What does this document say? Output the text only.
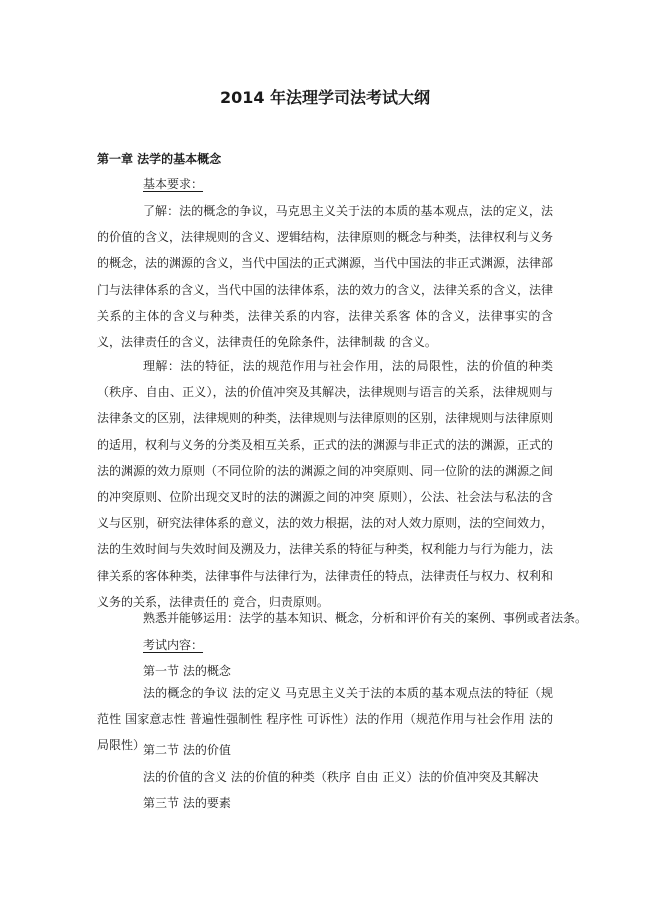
2014 年法理学司法考试大纲
第一章 法学的基本概念

基本要求：

了解：法的概念的争议，马克思主义关于法的本质的基本观点，法的定义，法的价值的含义，法律规则的含义、逻辑结构，法律原则的概念与种类，法律权利与义务的概念，法的渊源的含义，当代中国法的正式渊源，当代中国法的非正式渊源，法律部门与法律体系的含义，当代中国的法律体系，法的效力的含义，法律关系的含义，法律关系的主体的含义与种类，法律关系的内容，法律关系客 体的含义，法律事实的含义，法律责任的含义，法律责任的免除条件，法律制裁 的含义。

理解：法的特征，法的规范作用与社会作用，法的局限性，法的价值的种类 （秩序、自由、正义），法的价值冲突及其解决，法律规则与语言的关系，法律规则与法律条文的区别，法律规则的种类，法律规则与法律原则的区别，法律规则与法律原则的适用，权利与义务的分类及相互关系，正式的法的渊源与非正式的法的渊源，正式的法的渊源的效力原则（不同位阶的法的渊源之间的冲突原则、同一位阶的法的渊源之间的冲突原则、位阶出现交叉时的法的渊源之间的冲突 原则），公法、社会法与私法的含义与区别，研究法律体系的意义，法的效力根据，法的对人效力原则，法的空间效力，法的生效时间与失效时间及溯及力，法律关系的特征与种类，权利能力与行为能力，法律关系的客体种类，法律事件与法律行为，法律责任的特点，法律责任与权力、权利和义务的关系，法律责任的 竞合，归责原则。

熟悉并能够运用：法学的基本知识、概念，分析和评价有关的案例、事例或者法条。

考试内容：

第一节 法的概念

法的概念的争议 法的定义 马克思主义关于法的本质的基本观点法的特征（规范性 国家意志性 普遍性强制性 程序性 可诉性）法的作用（规范作用与社会作用 法的局限性）

第二节 法的价值

法的价值的含义 法的价值的种类（秩序 自由 正义）法的价值冲突及其解决

第三节 法的要素
